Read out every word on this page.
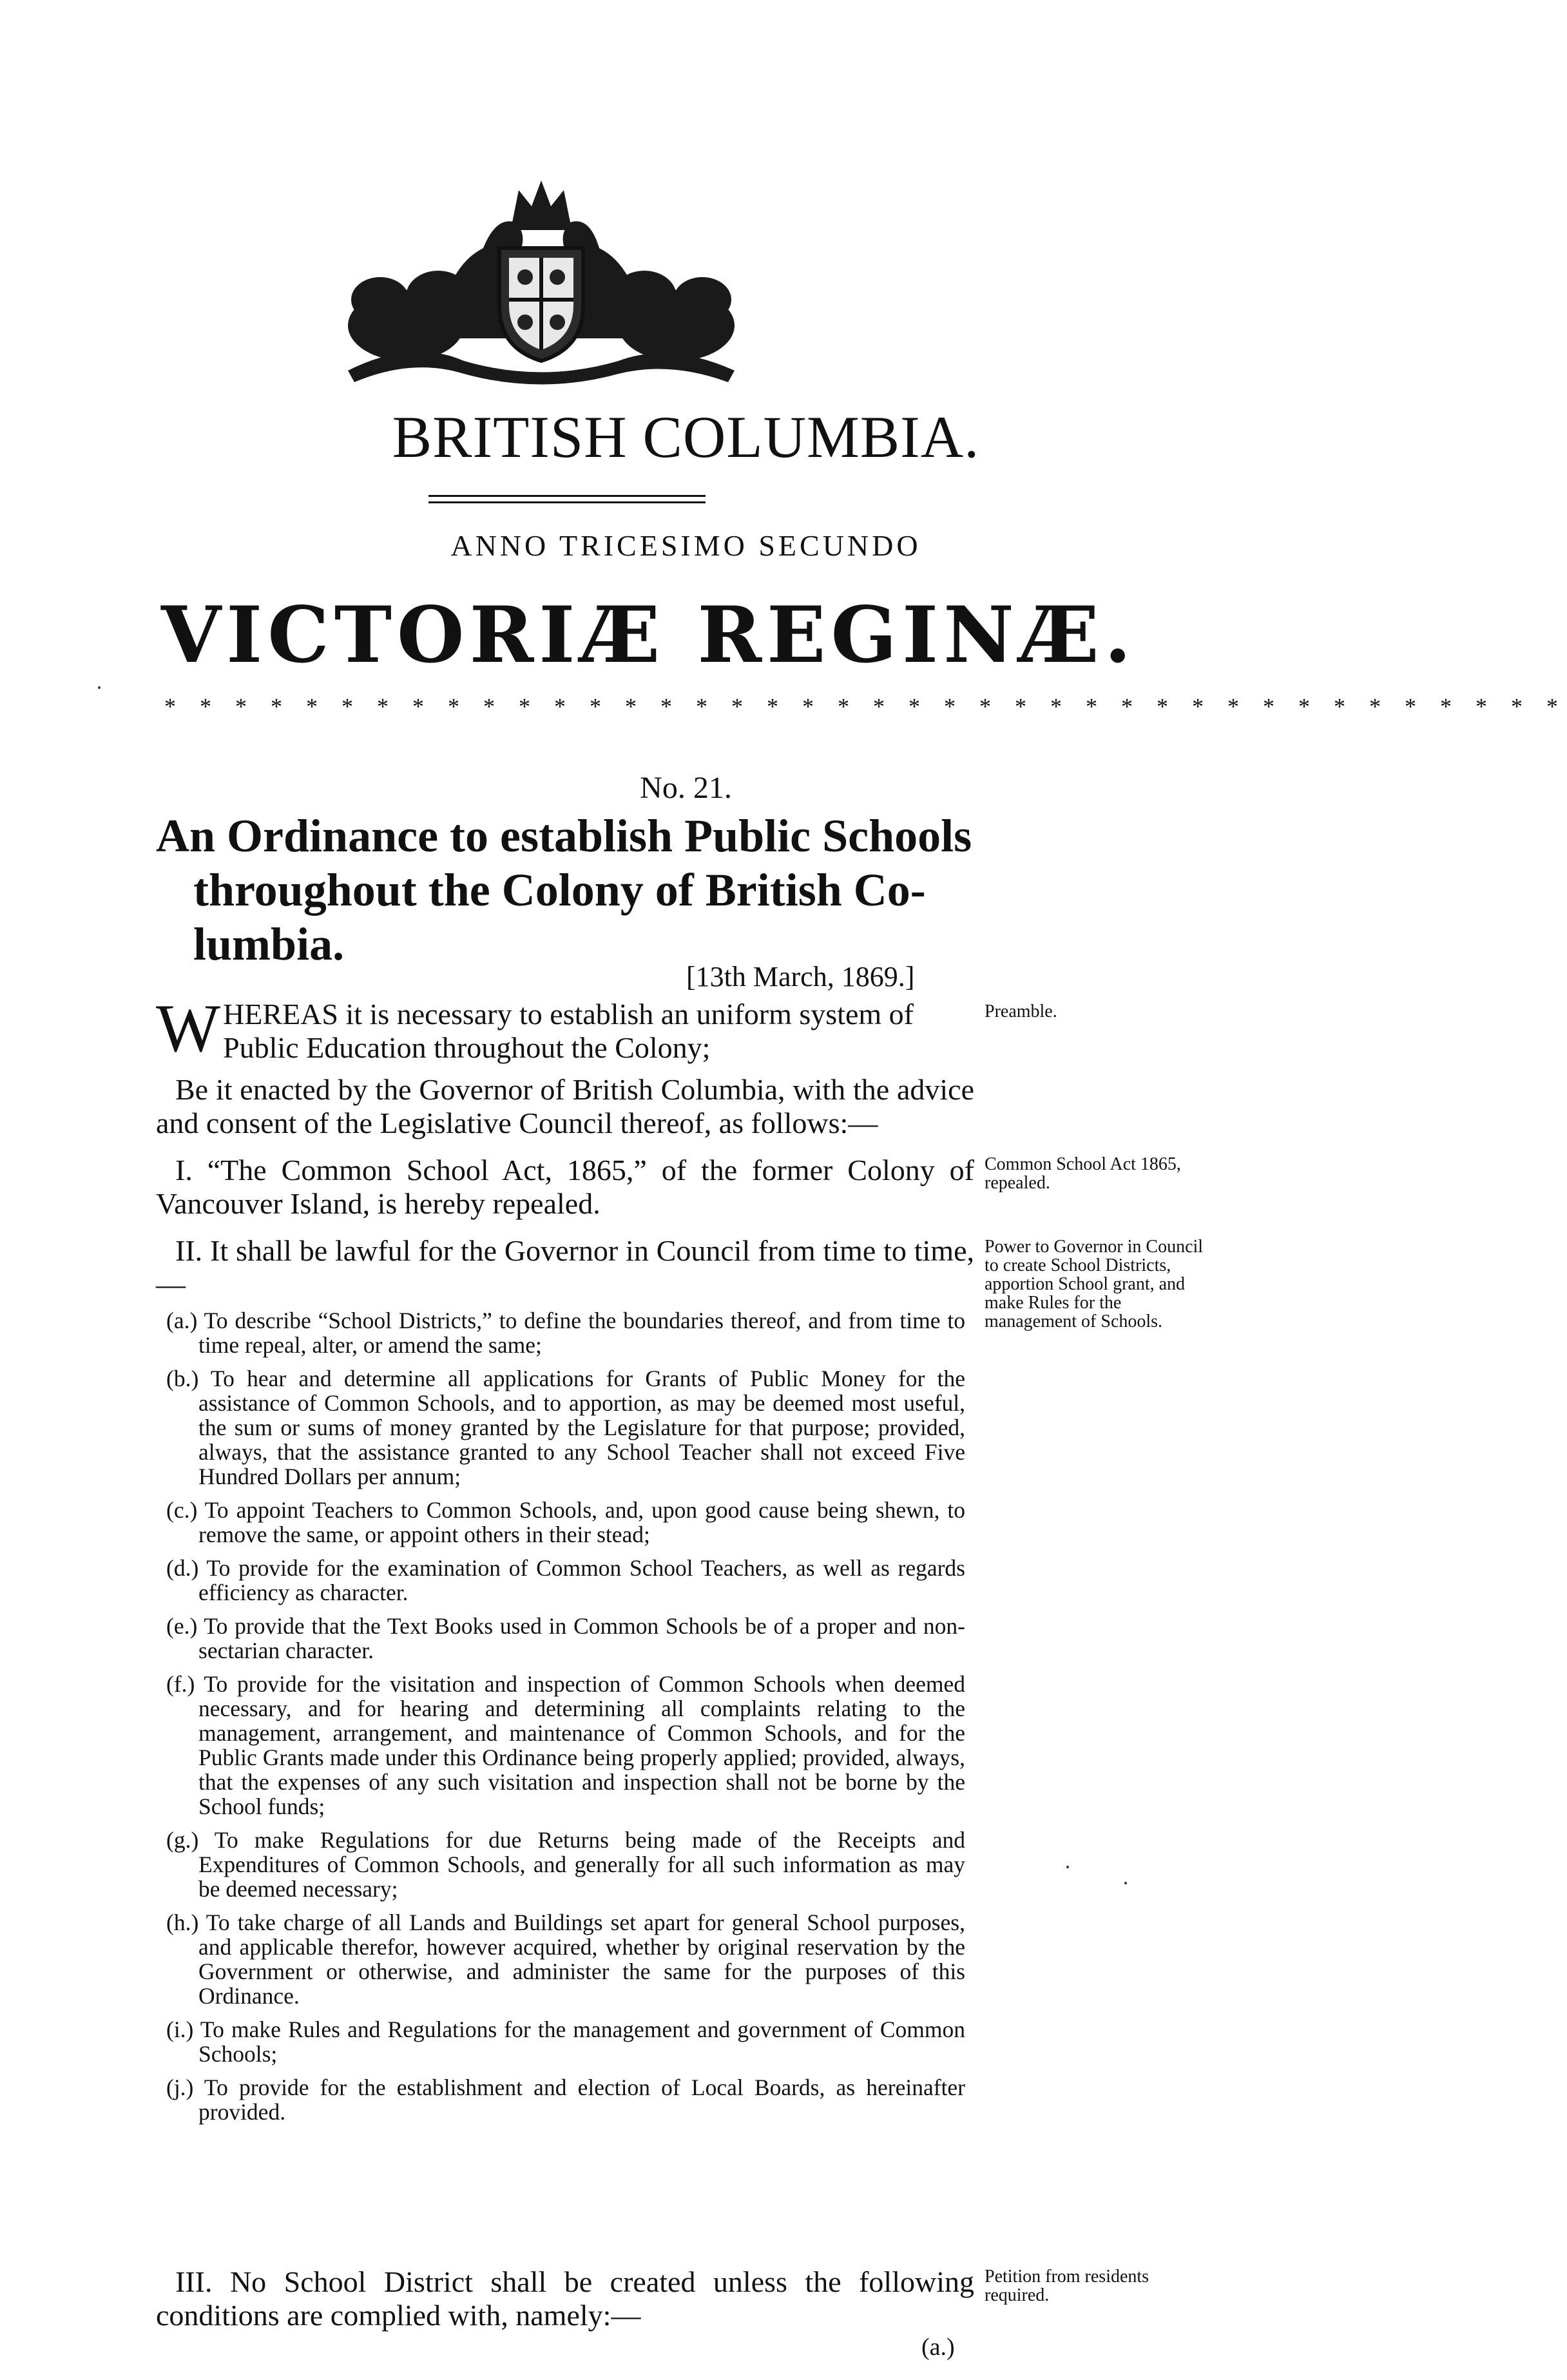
BRITISH COLUMBIA.
ANNO TRICESIMO SECUNDO
VICTORIÆ REGINÆ.
* * * * * * * * * * * * * * * * * * * * * * * * * * * * * * * * * * * * * * * *
No. 21.
An Ordinance to establish Public Schools
throughout the Colony of British Co-
lumbia.
[13th March, 1869.]
W HEREAS it is necessary to establish an uniform system of
Public Education throughout the Colony;
Be it enacted by the Governor of British Columbia, with the advice and consent of the Legislative Council thereof, as follows:—
I. “The Common School Act, 1865,” of the former Colony of Vancouver Island, is hereby repealed.
II. It shall be lawful for the Governor in Council from time to time,—
(a.) To describe “School Districts,” to define the boundaries thereof, and from time to time repeal, alter, or amend the same;
(b.) To hear and determine all applications for Grants of Public Money for the assistance of Common Schools, and to apportion, as may be deemed most useful, the sum or sums of money granted by the Legislature for that purpose; provided, always, that the assistance granted to any School Teacher shall not exceed Five Hundred Dollars per annum;
(c.) To appoint Teachers to Common Schools, and, upon good cause being shewn, to remove the same, or appoint others in their stead;
(d.) To provide for the examination of Common School Teachers, as well as regards efficiency as character.
(e.) To provide that the Text Books used in Common Schools be of a proper and non-sectarian character.
(f.) To provide for the visitation and inspection of Common Schools when deemed necessary, and for hearing and determining all complaints relating to the management, arrangement, and maintenance of Common Schools, and for the Public Grants made under this Ordinance being properly applied; provided, always, that the expenses of any such visitation and inspection shall not be borne by the School funds;
(g.) To make Regulations for due Returns being made of the Receipts and Expenditures of Common Schools, and generally for all such information as may be deemed necessary;
(h.) To take charge of all Lands and Buildings set apart for general School purposes, and applicable therefor, however acquired, whether by original reservation by the Government or otherwise, and administer the same for the purposes of this Ordinance.
(i.) To make Rules and Regulations for the management and government of Common Schools;
(j.) To provide for the establishment and election of Local Boards, as hereinafter provided.
III. No School District shall be created unless the following conditions are complied with, namely:—
Preamble.
Common School Act 1865, repealed.
Power to Governor in Council to create School Districts, apportion School grant, and make Rules for the management of Schools.
Petition from residents required.
(a.)
